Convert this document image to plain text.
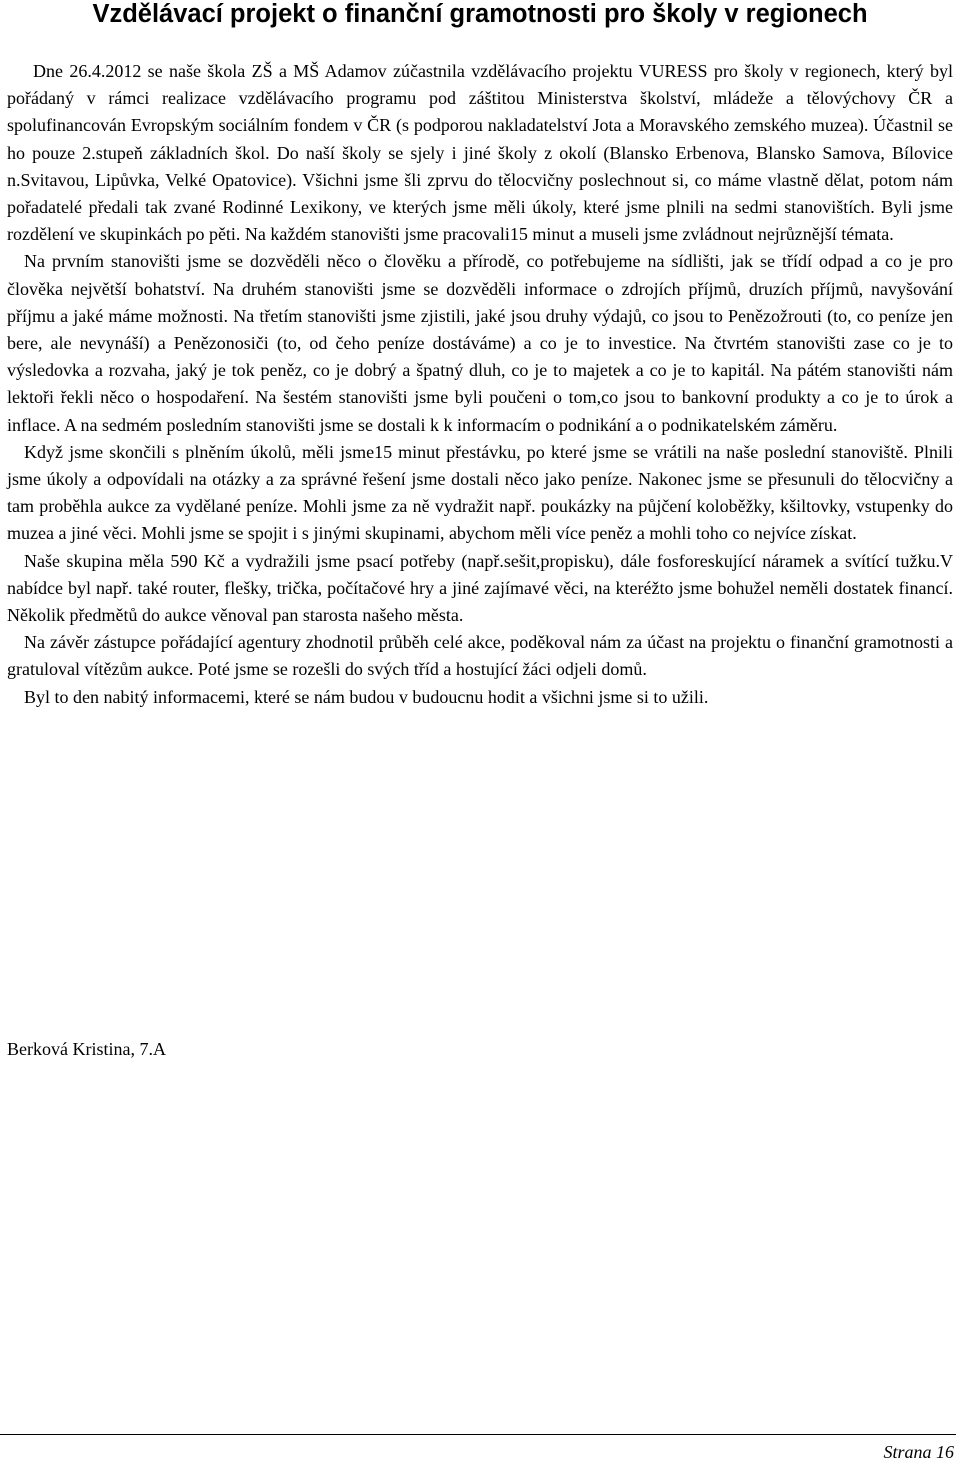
Vzdělávací projekt o finanční gramotnosti pro školy v regionech

Dne 26.4.2012 se naše škola ZŠ a MŠ Adamov zúčastnila vzdělávacího projektu VURESS pro školy v regionech, který byl pořádaný v rámci realizace vzdělávacího programu pod záštitou Ministerstva školství, mládeže a tělovýchovy ČR a spolufinancován Evropským sociálním fondem v ČR (s podporou nakladatelství Jota a Moravského zemského muzea). Účastnil se ho pouze 2.stupeň základních škol. Do naší školy se sjely i jiné školy z okolí (Blansko Erbenova, Blansko Samova, Bílovice n.Svitavou, Lipůvka, Velké Opatovice). Všichni jsme šli zprvu do tělocvičny poslechnout si, co máme vlastně dělat, potom nám pořadatelé předali tak zvané Rodinné Lexikony, ve kterých jsme měli úkoly, které jsme plnili na sedmi stanovištích. Byli jsme rozdělení ve skupinkách po pěti. Na každém stanovišti jsme pracovali15 minut a museli jsme zvládnout nejrůznější témata.

Na prvním stanovišti jsme se dozvěděli něco o člověku a přírodě, co potřebujeme na sídlišti, jak se třídí odpad a co je pro člověka největší bohatství. Na druhém stanovišti jsme se dozvěděli informace o zdrojích příjmů, druzích příjmů, navyšování příjmu a jaké máme možnosti. Na třetím stanovišti jsme zjistili, jaké jsou druhy výdajů, co jsou to Penězožrouti (to, co peníze jen bere, ale nevynáší) a Penězonosiči (to, od čeho peníze dostáváme) a co je to investice. Na čtvrtém stanovišti zase co je to výsledovka a rozvaha, jaký je tok peněz, co je dobrý a špatný dluh, co je to majetek a co je to kapitál. Na pátém stanovišti nám lektoři řekli něco o hospodaření. Na šestém stanovišti jsme byli poučeni o tom,co jsou to bankovní produkty a co je to úrok a inflace. A na sedmém posledním stanovišti jsme se dostali k k informacím o podnikání a o podnikatelském záměru.

Když jsme skončili s plněním úkolů, měli jsme15 minut přestávku, po které jsme se vrátili na naše poslední stanoviště. Plnili jsme úkoly a odpovídali na otázky a za správné řešení jsme dostali něco jako peníze. Nakonec jsme se přesunuli do tělocvičny a tam proběhla aukce za vydělané peníze. Mohli jsme za ně vydražit např. poukázky na půjčení koloběžky, kšiltovky, vstupenky do muzea a jiné věci. Mohli jsme se spojit i s jinými skupinami, abychom měli více peněz a mohli toho co nejvíce získat.

Naše skupina měla 590 Kč a vydražili jsme psací potřeby (např.sešit,propisku), dále fosforeskující náramek a svítící tužku.V nabídce byl např. také router, flešky, trička, počítačové hry a jiné zajímavé věci, na kteréžto jsme bohužel neměli dostatek financí. Několik předmětů do aukce věnoval pan starosta našeho města.

Na závěr zástupce pořádající agentury zhodnotil průběh celé akce, poděkoval nám za účast na projektu o finanční gramotnosti a gratuloval vítězům aukce. Poté jsme se rozešli do svých tříd a hostující žáci odjeli domů.

Byl to den nabitý informacemi, které se nám budou v budoucnu hodit a všichni jsme si to užili.

Berková Kristina, 7.A

Strana 16
